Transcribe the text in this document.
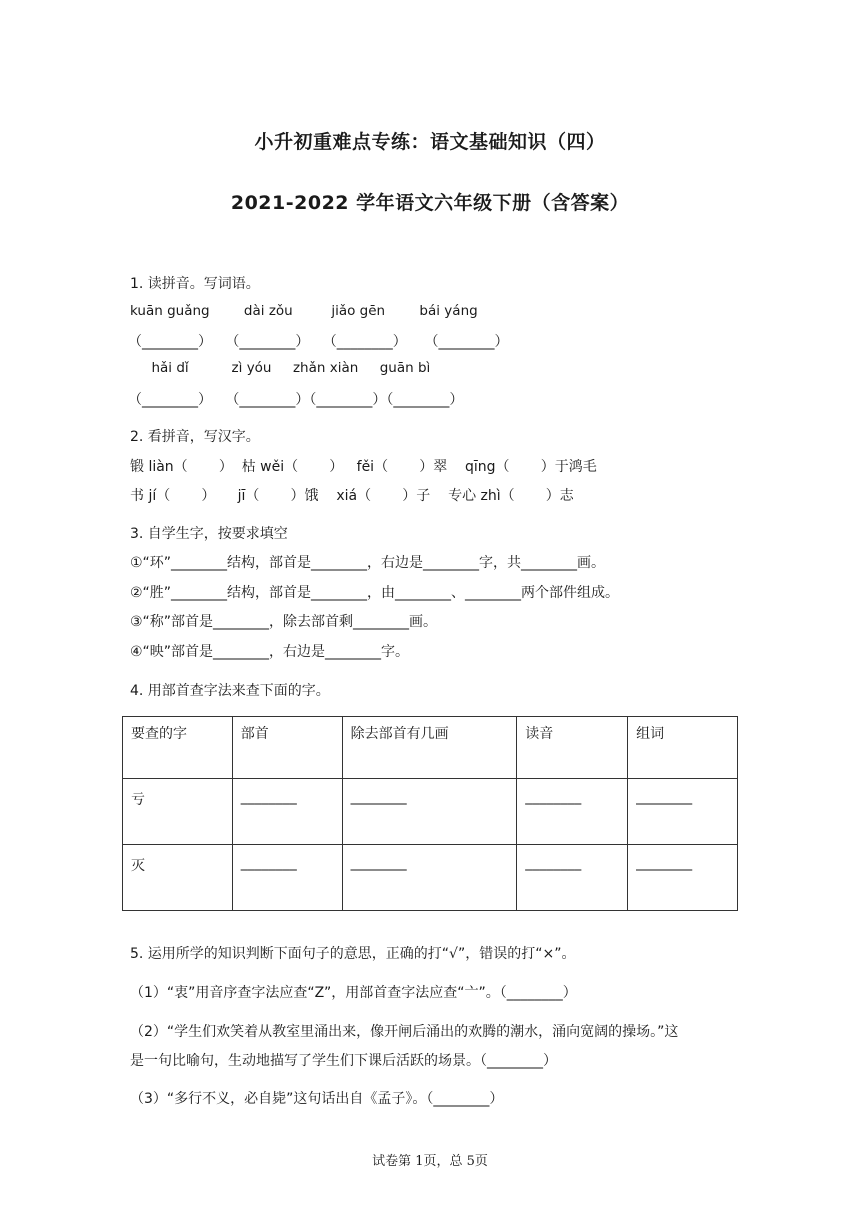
小升初重难点专练：语文基础知识（四）
2021-2022 学年语文六年级下册（含答案）
1. 读拼音。写词语。
kuān guǎng        dài zǒu         jiǎo gēn        bái yáng
（________）   （________）   （________）    （________）
hǎi dǐ          zì yóu     zhǎn xiàn     guān bì
（________）   （________）（________）（________）
2. 看拼音，写汉字。
锻 liàn（       ）  枯 wěi（       ）   fěi（       ）翠    qīng（       ）于鸿毛
书 jí（       ）     jī（       ）饿    xiá（       ）子    专心 zhì（       ）志
3. 自学生字，按要求填空
①“环”________结构，部首是________，右边是________字，共________画。
②“胜”________结构，部首是________，由________、________两个部件组成。
③“称”部首是________，除去部首剩________画。
④“映”部首是________，右边是________字。
4. 用部首查字法来查下面的字。
要查的字	部首	除去部首有几画	读音	组词
亏	________	________	________	________
灭	________	________	________	________
5. 运用所学的知识判断下面句子的意思，正确的打“√”，错误的打“×”。
（1）“衷”用音序查字法应查“Z”，用部首查字法应查“亠”。（________）
（2）“学生们欢笑着从教室里涌出来，像开闸后涌出的欢腾的潮水，涌向宽阔的操场。”这
是一句比喻句，生动地描写了学生们下课后活跃的场景。（________）
（3）“多行不义，必自毙”这句话出自《孟子》。（________）
试卷第 1页，总 5页
